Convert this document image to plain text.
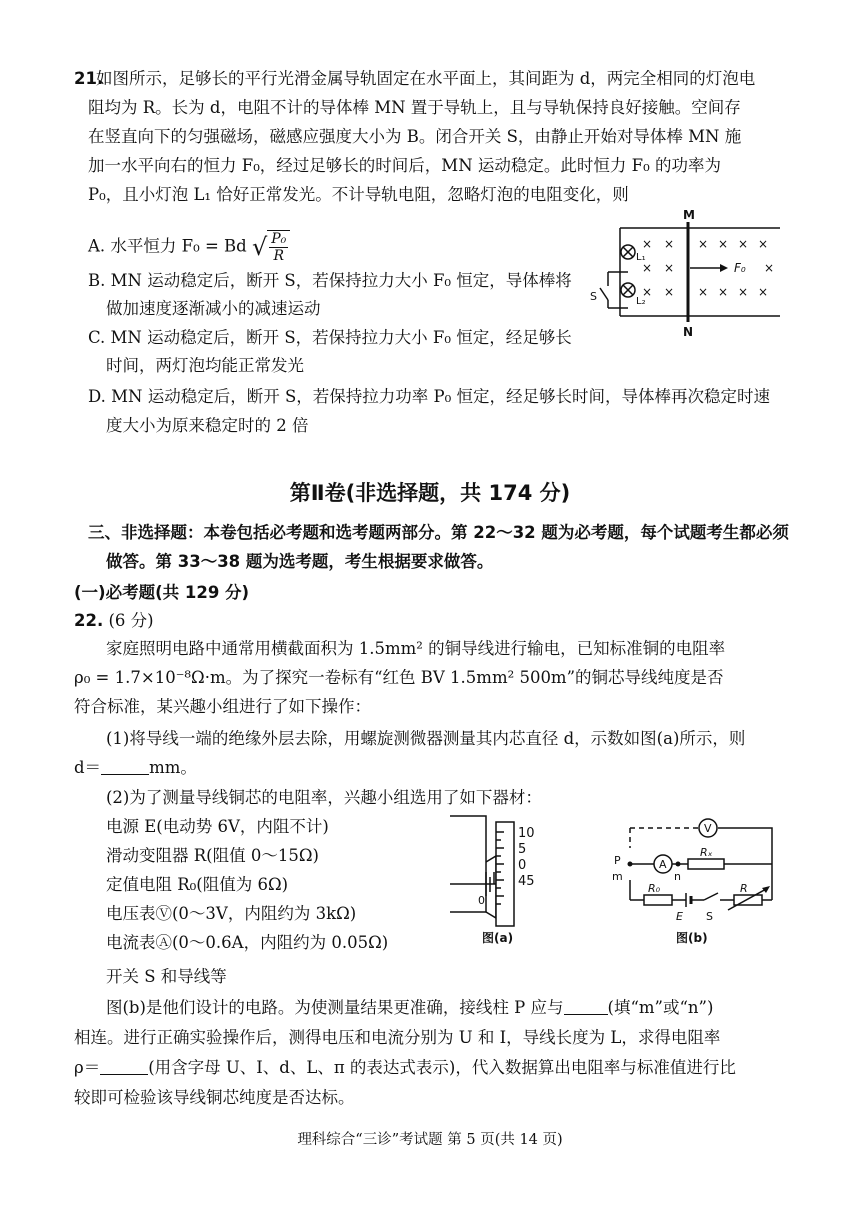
21.
如图所示，足够长的平行光滑金属导轨固定在水平面上，其间距为 d，两完全相同的灯泡电
阻均为 R。长为 d，电阻不计的导体棒 MN 置于导轨上，且与导轨保持良好接触。空间存
在竖直向下的匀强磁场，磁感应强度大小为 B。闭合开关 S，由静止开始对导体棒 MN 施
加一水平向右的恒力 F₀，经过足够长的时间后，MN 运动稳定。此时恒力 F₀ 的功率为
P₀，且小灯泡 L₁ 恰好正常发光。不计导轨电阻，忽略灯泡的电阻变化，则
A. 水平恒力 F₀ = Bd √ $\frac{\text{P₀}}{R}$
B. MN 运动稳定后，断开 S，若保持拉力大小 F₀ 恒定，导体棒将
做加速度逐渐减小的减速运动
C. MN 运动稳定后，断开 S，若保持拉力大小 F₀ 恒定，经足够长
时间，两灯泡均能正常发光
D. MN 运动稳定后，断开 S，若保持拉力功率 P₀ 恒定，经足够长时间，导体棒再次稳定时速
度大小为原来稳定时的 2 倍
M
N
L₁
L₂
S
F₀
× × × × × ×
× ×	×
× × × × × ×
第Ⅱ卷(非选择题，共 174 分)
三、非选择题：本卷包括必考题和选考题两部分。第 22～32 题为必考题，每个试题考生都必须
做答。第 33～38 题为选考题，考生根据要求做答。
(一)必考题(共 129 分)
22. (6 分)
家庭照明电路中通常用横截面积为 1.5mm² 的铜导线进行输电，已知标准铜的电阻率
ρ₀ = 1.7×10⁻⁸Ω·m。为了探究一卷标有“红色 BV 1.5mm² 500m”的铜芯导线纯度是否
符合标准，某兴趣小组进行了如下操作：
(1)将导线一端的绝缘外层去除，用螺旋测微器测量其内芯直径 d，示数如图(a)所示，则
d＝	mm。
(2)为了测量导线铜芯的电阻率，兴趣小组选用了如下器材：
电源 E(电动势 6V，内阻不计)
滑动变阻器 R(阻值 0～15Ω)
定值电阻 R₀(阻值为 6Ω)
电压表Ⓥ(0～3V，内阻约为 3kΩ)
电流表Ⓐ(0～0.6A，内阻约为 0.05Ω)
开关 S 和导线等
10
5
0
45
0
图(a)
V
A
Rₓ
R₀	R
E S
P
m	n
图(b)
图(b)是他们设计的电路。为使测量结果更准确，接线柱 P 应与	(填“m”或“n”)
相连。进行正确实验操作后，测得电压和电流分别为 U 和 I，导线长度为 L，求得电阻率
ρ＝	(用含字母 U、I、d、L、π 的表达式表示)，代入数据算出电阻率与标准值进行比
较即可检验该导线铜芯纯度是否达标。
理科综合“三诊”考试题 第 5 页(共 14 页)
